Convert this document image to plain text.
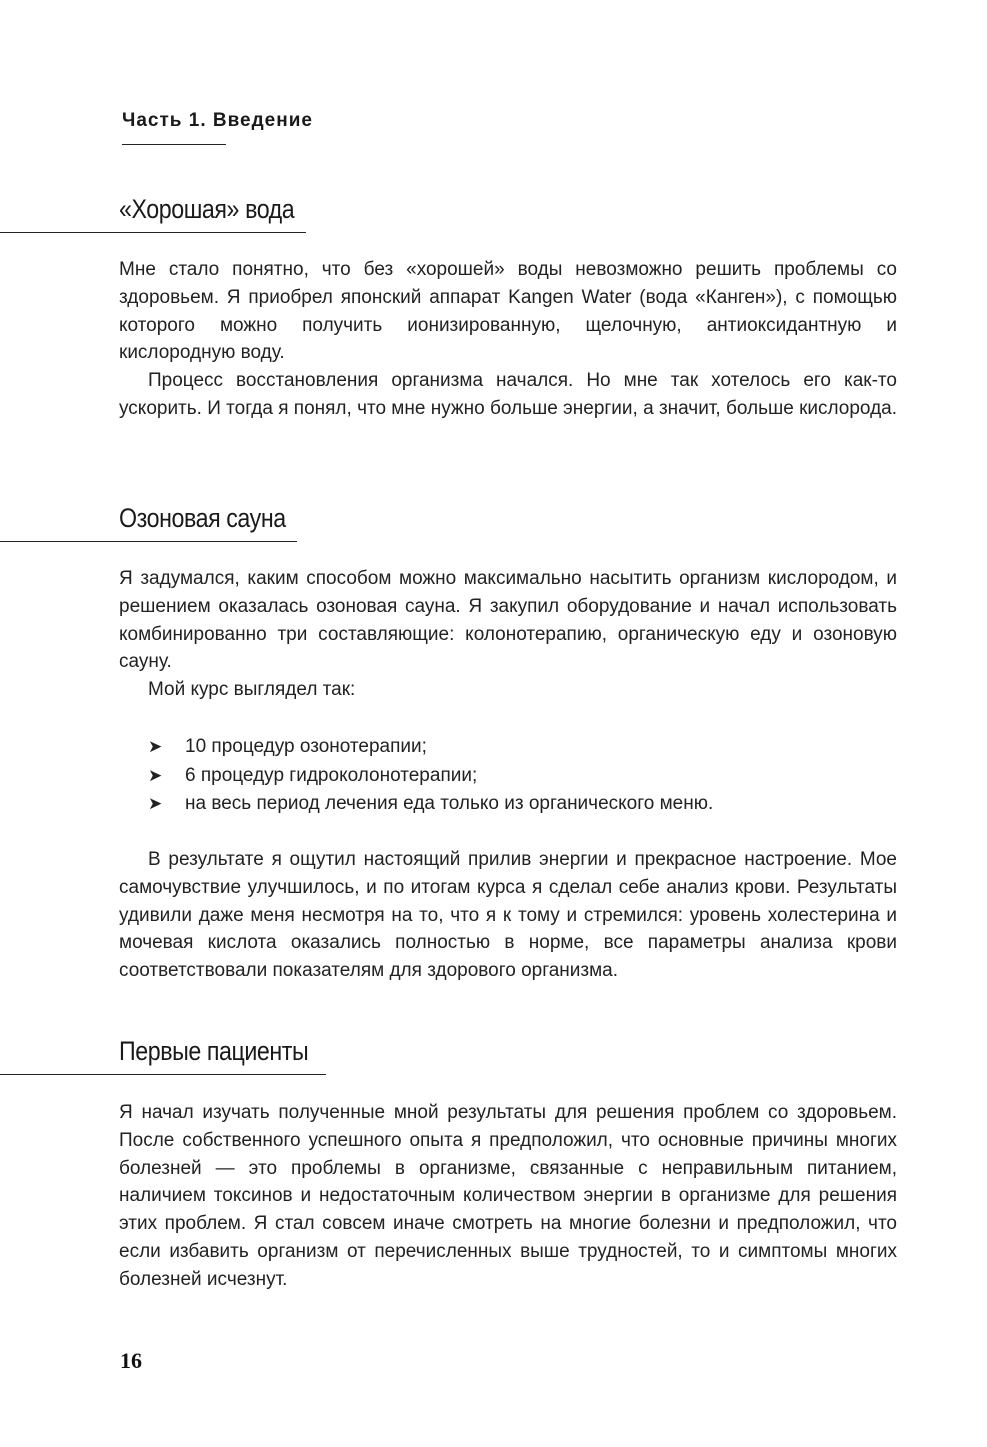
Часть 1. Введение
«Хорошая» вода

Мне стало понятно, что без «хорошей» воды невозможно решить проблемы со здоровьем. Я приобрел японский аппарат Kangen Water (вода «Канген»), с помощью которого можно получить ионизированную, щелочную, антиоксидантную и кислородную воду.

Процесс восстановления организма начался. Но мне так хотелось его как-то ускорить. И тогда я понял, что мне нужно больше энергии, а значит, больше кислорода.

Озоновая сауна

Я задумался, каким способом можно максимально насытить организм кислородом, и решением оказалась озоновая сауна. Я закупил оборудование и начал использовать комбинированно три составляющие: колонотерапию, органическую еду и озоновую сауну.

Мой курс выглядел так:

➤ 10 процедур озонотерапии;
➤ 6 процедур гидроколонотерапии;
➤ на весь период лечения еда только из органического меню.

В результате я ощутил настоящий прилив энергии и прекрасное настроение. Мое самочувствие улучшилось, и по итогам курса я сделал себе анализ крови. Результаты удивили даже меня несмотря на то, что я к тому и стремился: уровень холестерина и мочевая кислота оказались полностью в норме, все параметры анализа крови соответствовали показателям для здорового организма.

Первые пациенты

Я начал изучать полученные мной результаты для решения проблем со здоровьем. После собственного успешного опыта я предположил, что основные причины многих болезней — это проблемы в организме, связанные с неправильным питанием, наличием токсинов и недостаточным количеством энергии в организме для решения этих проблем. Я стал совсем иначе смотреть на многие болезни и предположил, что если избавить организм от перечисленных выше трудностей, то и симптомы многих болезней исчезнут.

16
